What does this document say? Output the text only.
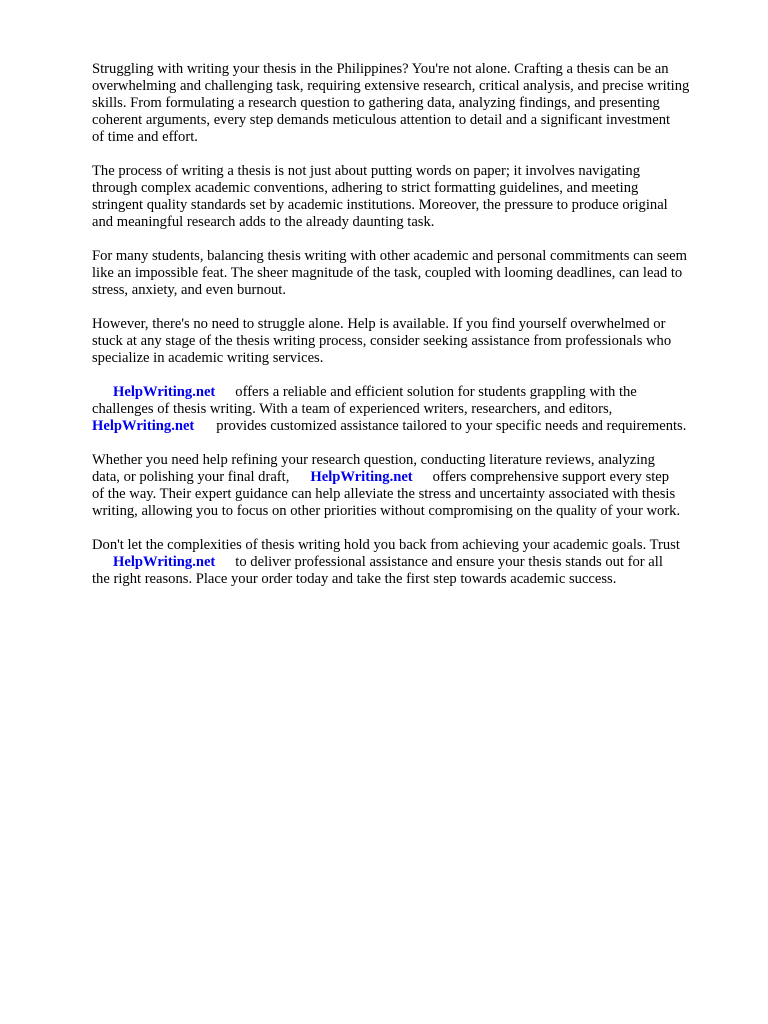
Struggling with writing your thesis in the Philippines? You're not alone. Crafting a thesis can be an
overwhelming and challenging task, requiring extensive research, critical analysis, and precise writing
skills. From formulating a research question to gathering data, analyzing findings, and presenting
coherent arguments, every step demands meticulous attention to detail and a significant investment
of time and effort.

The process of writing a thesis is not just about putting words on paper; it involves navigating
through complex academic conventions, adhering to strict formatting guidelines, and meeting
stringent quality standards set by academic institutions. Moreover, the pressure to produce original
and meaningful research adds to the already daunting task.

For many students, balancing thesis writing with other academic and personal commitments can seem
like an impossible feat. The sheer magnitude of the task, coupled with looming deadlines, can lead to
stress, anxiety, and even burnout.

However, there's no need to struggle alone. Help is available. If you find yourself overwhelmed or
stuck at any stage of the thesis writing process, consider seeking assistance from professionals who
specialize in academic writing services.

HelpWriting.net offers a reliable and efficient solution for students grappling with the
challenges of thesis writing. With a team of experienced writers, researchers, and editors,
HelpWriting.net provides customized assistance tailored to your specific needs and requirements.

Whether you need help refining your research question, conducting literature reviews, analyzing
data, or polishing your final draft, HelpWriting.net offers comprehensive support every step
of the way. Their expert guidance can help alleviate the stress and uncertainty associated with thesis
writing, allowing you to focus on other priorities without compromising on the quality of your work.

Don't let the complexities of thesis writing hold you back from achieving your academic goals. Trust
HelpWriting.net to deliver professional assistance and ensure your thesis stands out for all
the right reasons. Place your order today and take the first step towards academic success.
